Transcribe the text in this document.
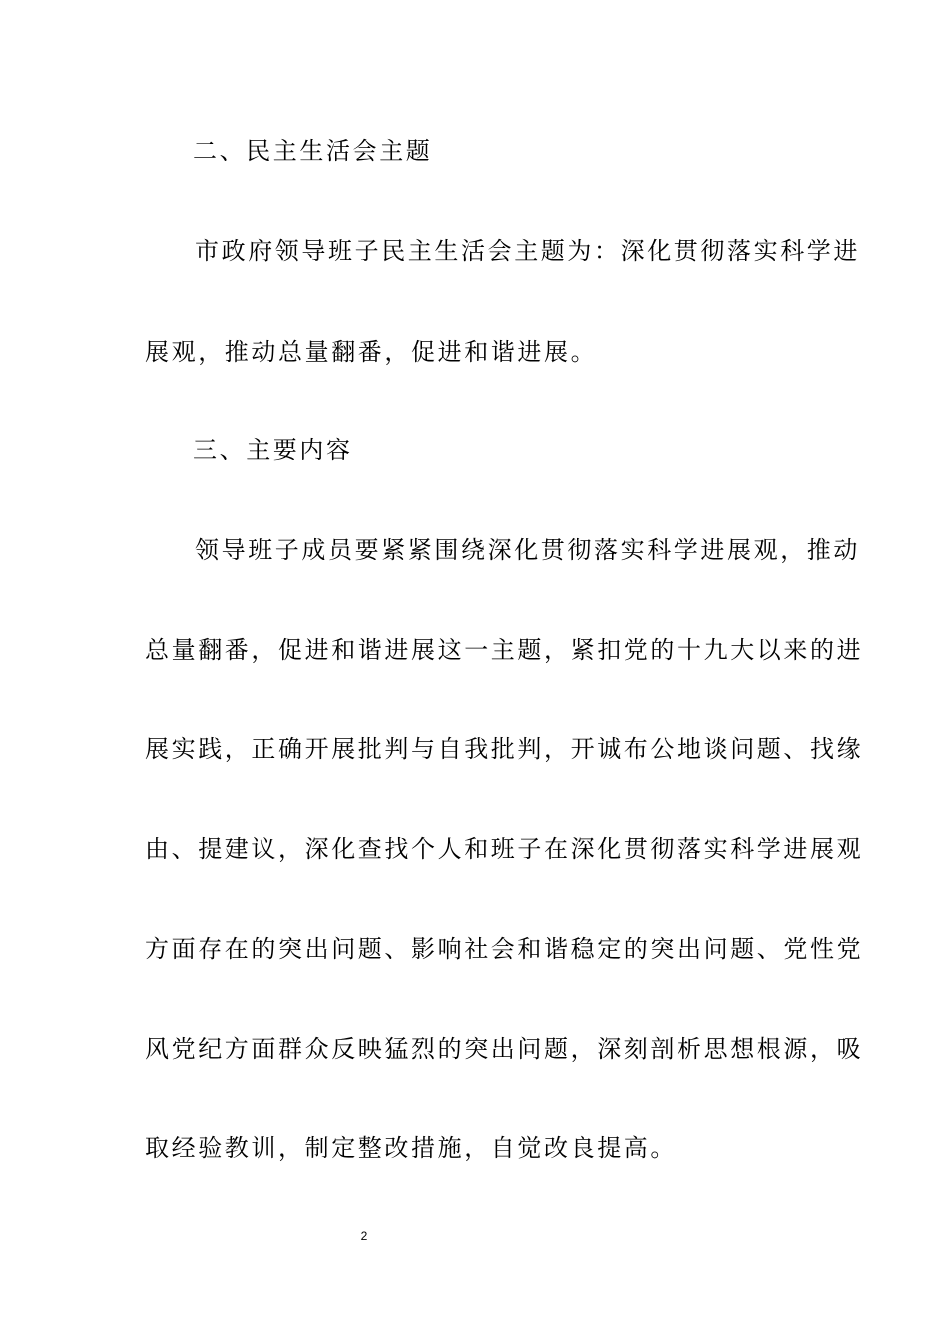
二、民主生活会主题
市政府领导班子民主生活会主题为：深化贯彻落实科学进
展观，推动总量翻番，促进和谐进展。
三、主要内容
领导班子成员要紧紧围绕深化贯彻落实科学进展观，推动
总量翻番，促进和谐进展这一主题，紧扣党的十九大以来的进
展实践，正确开展批判与自我批判，开诚布公地谈问题、找缘
由、提建议，深化查找个人和班子在深化贯彻落实科学进展观
方面存在的突出问题、影响社会和谐稳定的突出问题、党性党
风党纪方面群众反映猛烈的突出问题，深刻剖析思想根源，吸
取经验教训，制定整改措施，自觉改良提高。
2
